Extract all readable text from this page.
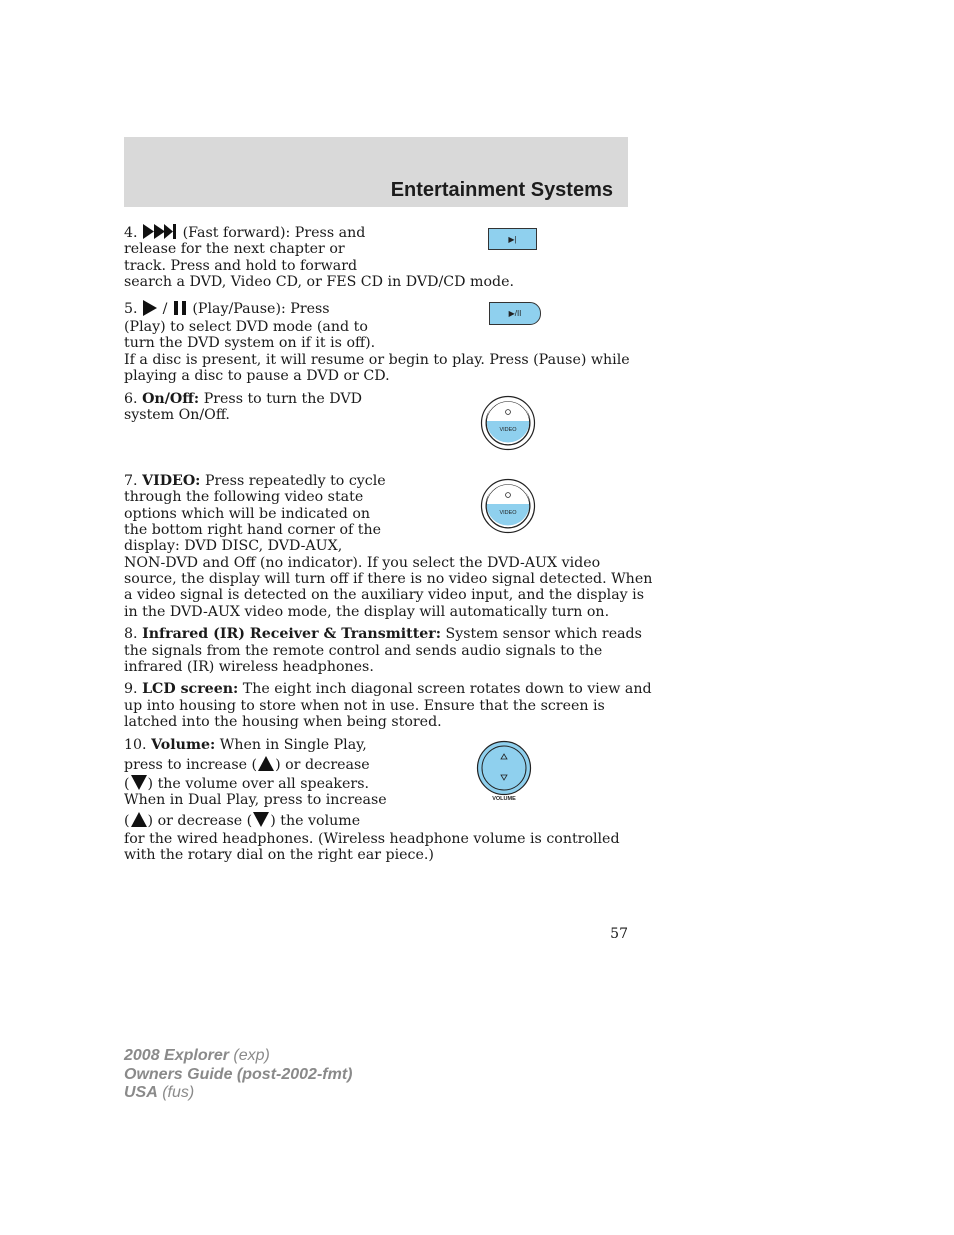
Entertainment Systems
4.	(Fast forward): Press and
release for the next chapter or
track. Press and hold to forward
search a DVD, Video CD, or FES CD in DVD/CD mode.
▶|
5. / (Play/Pause): Press
(Play) to select DVD mode (and to
turn the DVD system on if it is off).
If a disc is present, it will resume or begin to play. Press (Pause) while
playing a disc to pause a DVD or CD.
▶/II
6. On/Off: Press to turn the DVD
system On/Off.
VIDEO
7. VIDEO: Press repeatedly to cycle
through the following video state
options which will be indicated on
the bottom right hand corner of the
display: DVD DISC, DVD-AUX,
NON-DVD and Off (no indicator). If you select the DVD-AUX video
source, the display will turn off if there is no video signal detected. When
a video signal is detected on the auxiliary video input, and the display is
in the DVD-AUX video mode, the display will automatically turn on.
VIDEO
8. Infrared (IR) Receiver & Transmitter: System sensor which reads
the signals from the remote control and sends audio signals to the
infrared (IR) wireless headphones.
9. LCD screen: The eight inch diagonal screen rotates down to view and
up into housing to store when not in use. Ensure that the screen is
latched into the housing when being stored.
10. Volume: When in Single Play,
press to increase ( ) or decrease
( ) the volume over all speakers.
When in Dual Play, press to increase
( ) or decrease ( ) the volume
for the wired headphones. (Wireless headphone volume is controlled
with the rotary dial on the right ear piece.)
VOLUME
57
2008 Explorer (exp)
Owners Guide (post-2002-fmt)
USA (fus)
